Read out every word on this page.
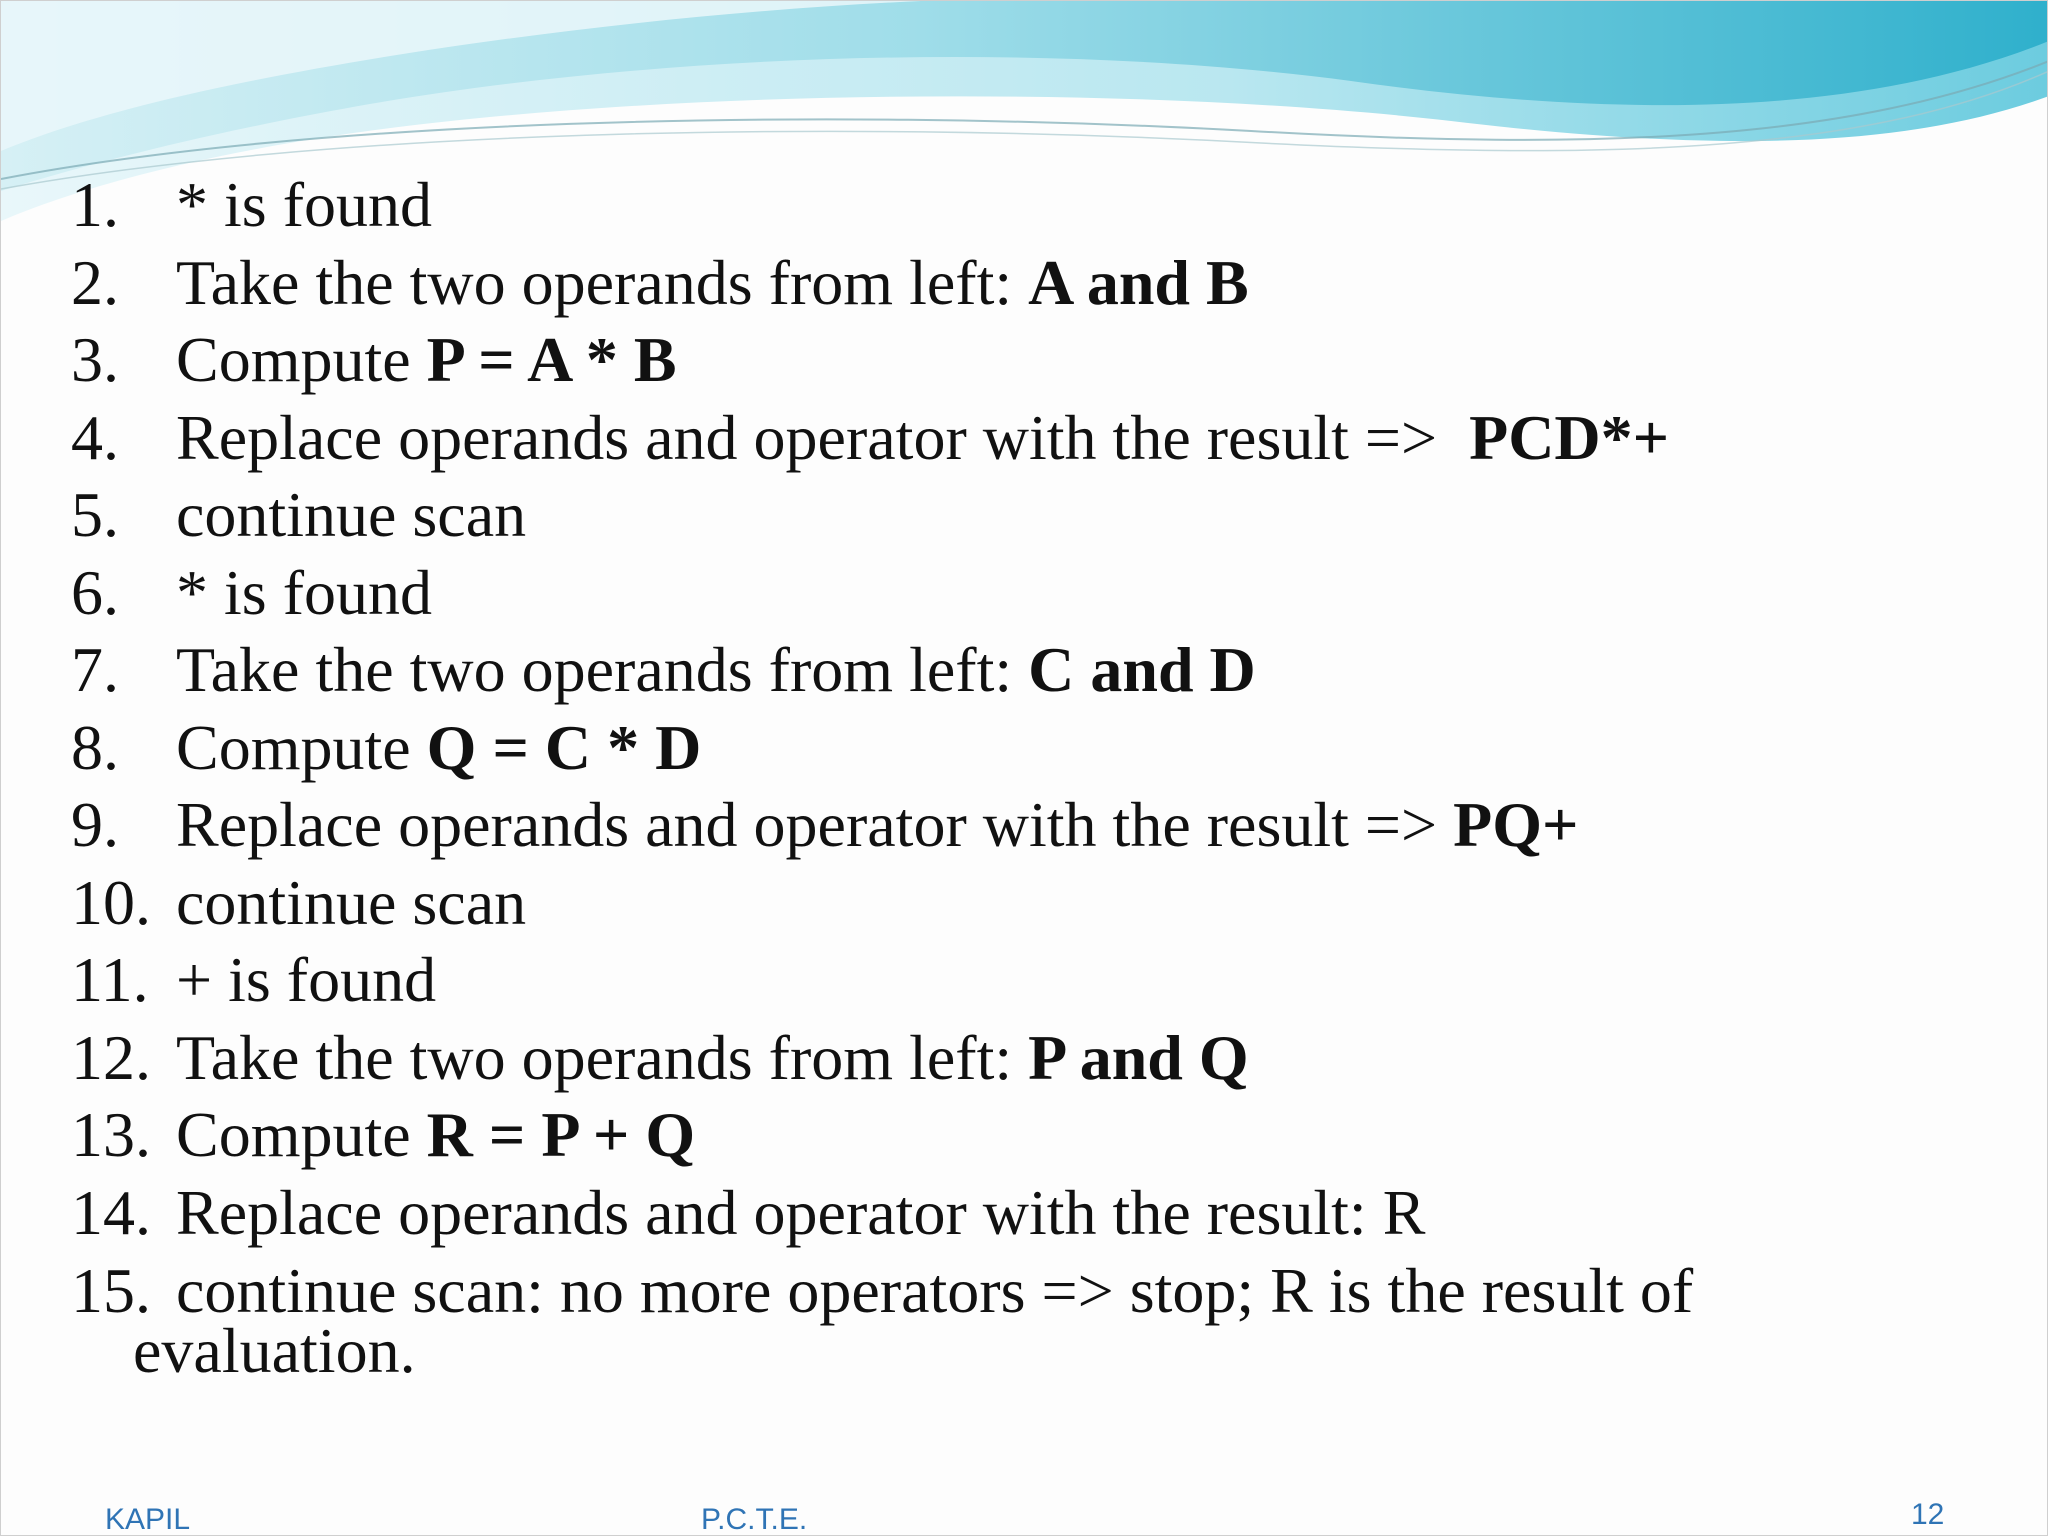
1. * is found
2. Take the two operands from left: A and B
3. Compute P = A * B
4. Replace operands and operator with the result =>  PCD*+
5. continue scan
6. * is found
7. Take the two operands from left: C and D
8. Compute Q = C * D
9. Replace operands and operator with the result => PQ+
10. continue scan
11. + is found
12. Take the two operands from left: P and Q
13. Compute R = P + Q
14. Replace operands and operator with the result: R
15. continue scan: no more operators => stop; R is the result of
evaluation.
KAPIL	P.C.T.E.	12
